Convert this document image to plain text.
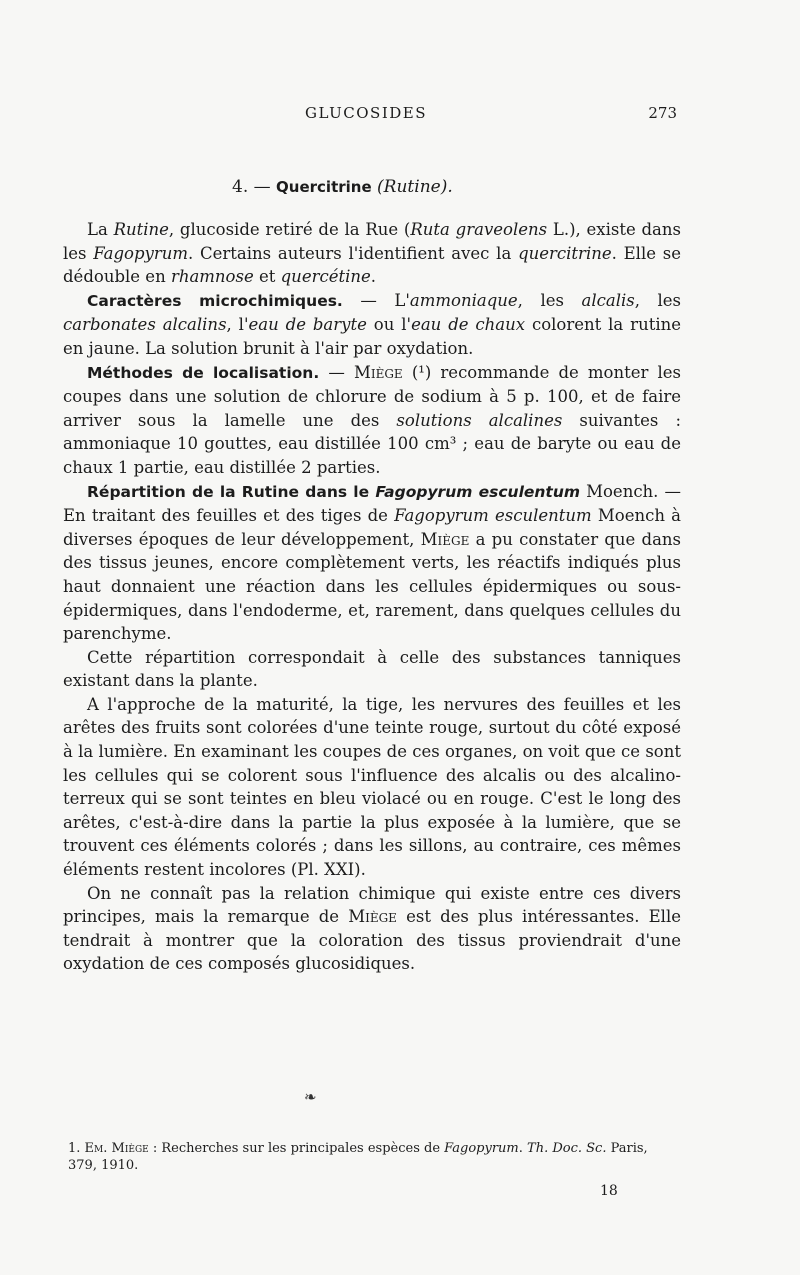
GLUCOSIDES	273
4. — Quercitrine (Rutine).

La Rutine, glucoside retiré de la Rue (Ruta graveolens L.), existe dans les Fagopyrum. Certains auteurs l'identifient avec la quercitrine. Elle se dédouble en rhamnose et quercétine.

Caractères microchimiques. — L'ammoniaque, les alcalis, les carbonates alcalins, l'eau de baryte ou l'eau de chaux colorent la rutine en jaune. La solution brunit à l'air par oxydation.

Méthodes de localisation. — Miège (¹) recommande de monter les coupes dans une solution de chlorure de sodium à 5 p. 100, et de faire arriver sous la lamelle une des solutions alcalines suivantes : ammoniaque 10 gouttes, eau distillée 100 cm³ ; eau de baryte ou eau de chaux 1 partie, eau distillée 2 parties.

Répartition de la Rutine dans le Fagopyrum esculentum Moench. — En traitant des feuilles et des tiges de Fagopyrum esculentum Moench à diverses époques de leur développement, Miège a pu constater que dans des tissus jeunes, encore complètement verts, les réactifs indiqués plus haut donnaient une réaction dans les cellules épidermiques ou sous-épidermiques, dans l'endoderme, et, rarement, dans quelques cellules du parenchyme.

Cette répartition correspondait à celle des substances tanniques existant dans la plante.

A l'approche de la maturité, la tige, les nervures des feuilles et les arêtes des fruits sont colorées d'une teinte rouge, surtout du côté exposé à la lumière. En examinant les coupes de ces organes, on voit que ce sont les cellules qui se colorent sous l'influence des alcalis ou des alcalino-terreux qui se sont teintes en bleu violacé ou en rouge. C'est le long des arêtes, c'est-à-dire dans la partie la plus exposée à la lumière, que se trouvent ces éléments colorés ; dans les sillons, au contraire, ces mêmes éléments restent incolores (Pl. XXI).

On ne connaît pas la relation chimique qui existe entre ces divers principes, mais la remarque de Miège est des plus intéressantes. Elle tendrait à montrer que la coloration des tissus proviendrait d'une oxydation de ces composés glucosidiques.

❧
1. Em. Miège : Recherches sur les principales espèces de Fagopyrum. Th. Doc. Sc. Paris, 379, 1910.
18
